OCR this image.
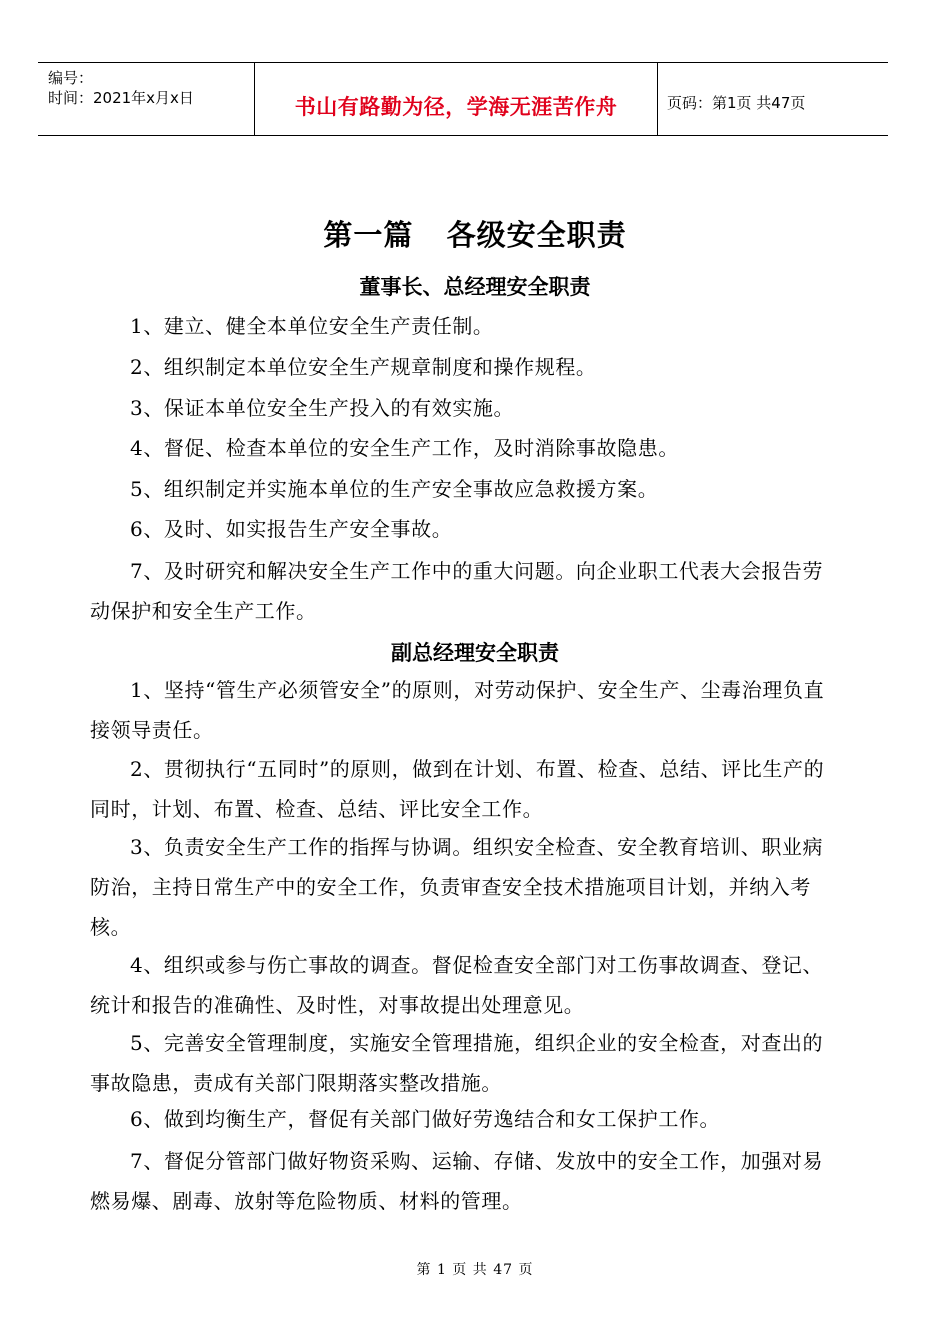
编号：
时间：2021年x月x日	书山有路勤为径，学海无涯苦作舟	页码：第1页 共47页
第一篇   各级安全职责
董事长、总经理安全职责

1、建立、健全本单位安全生产责任制。

2、组织制定本单位安全生产规章制度和操作规程。

3、保证本单位安全生产投入的有效实施。

4、督促、检查本单位的安全生产工作，及时消除事故隐患。

5、组织制定并实施本单位的生产安全事故应急救援方案。

6、及时、如实报告生产安全事故。

7、及时研究和解决安全生产工作中的重大问题。向企业职工代表大会报告劳动保护和安全生产工作。

副总经理安全职责

1、坚持“管生产必须管安全”的原则，对劳动保护、安全生产、尘毒治理负直接领导责任。

2、贯彻执行“五同时”的原则，做到在计划、布置、检查、总结、评比生产的同时，计划、布置、检查、总结、评比安全工作。

3、负责安全生产工作的指挥与协调。组织安全检查、安全教育培训、职业病防治，主持日常生产中的安全工作，负责审查安全技术措施项目计划，并纳入考核。

4、组织或参与伤亡事故的调查。督促检查安全部门对工伤事故调查、登记、统计和报告的准确性、及时性，对事故提出处理意见。

5、完善安全管理制度，实施安全管理措施，组织企业的安全检查，对查出的事故隐患，责成有关部门限期落实整改措施。

6、做到均衡生产，督促有关部门做好劳逸结合和女工保护工作。

7、督促分管部门做好物资采购、运输、存储、发放中的安全工作，加强对易燃易爆、剧毒、放射等危险物质、材料的管理。

第 1 页 共 47 页
